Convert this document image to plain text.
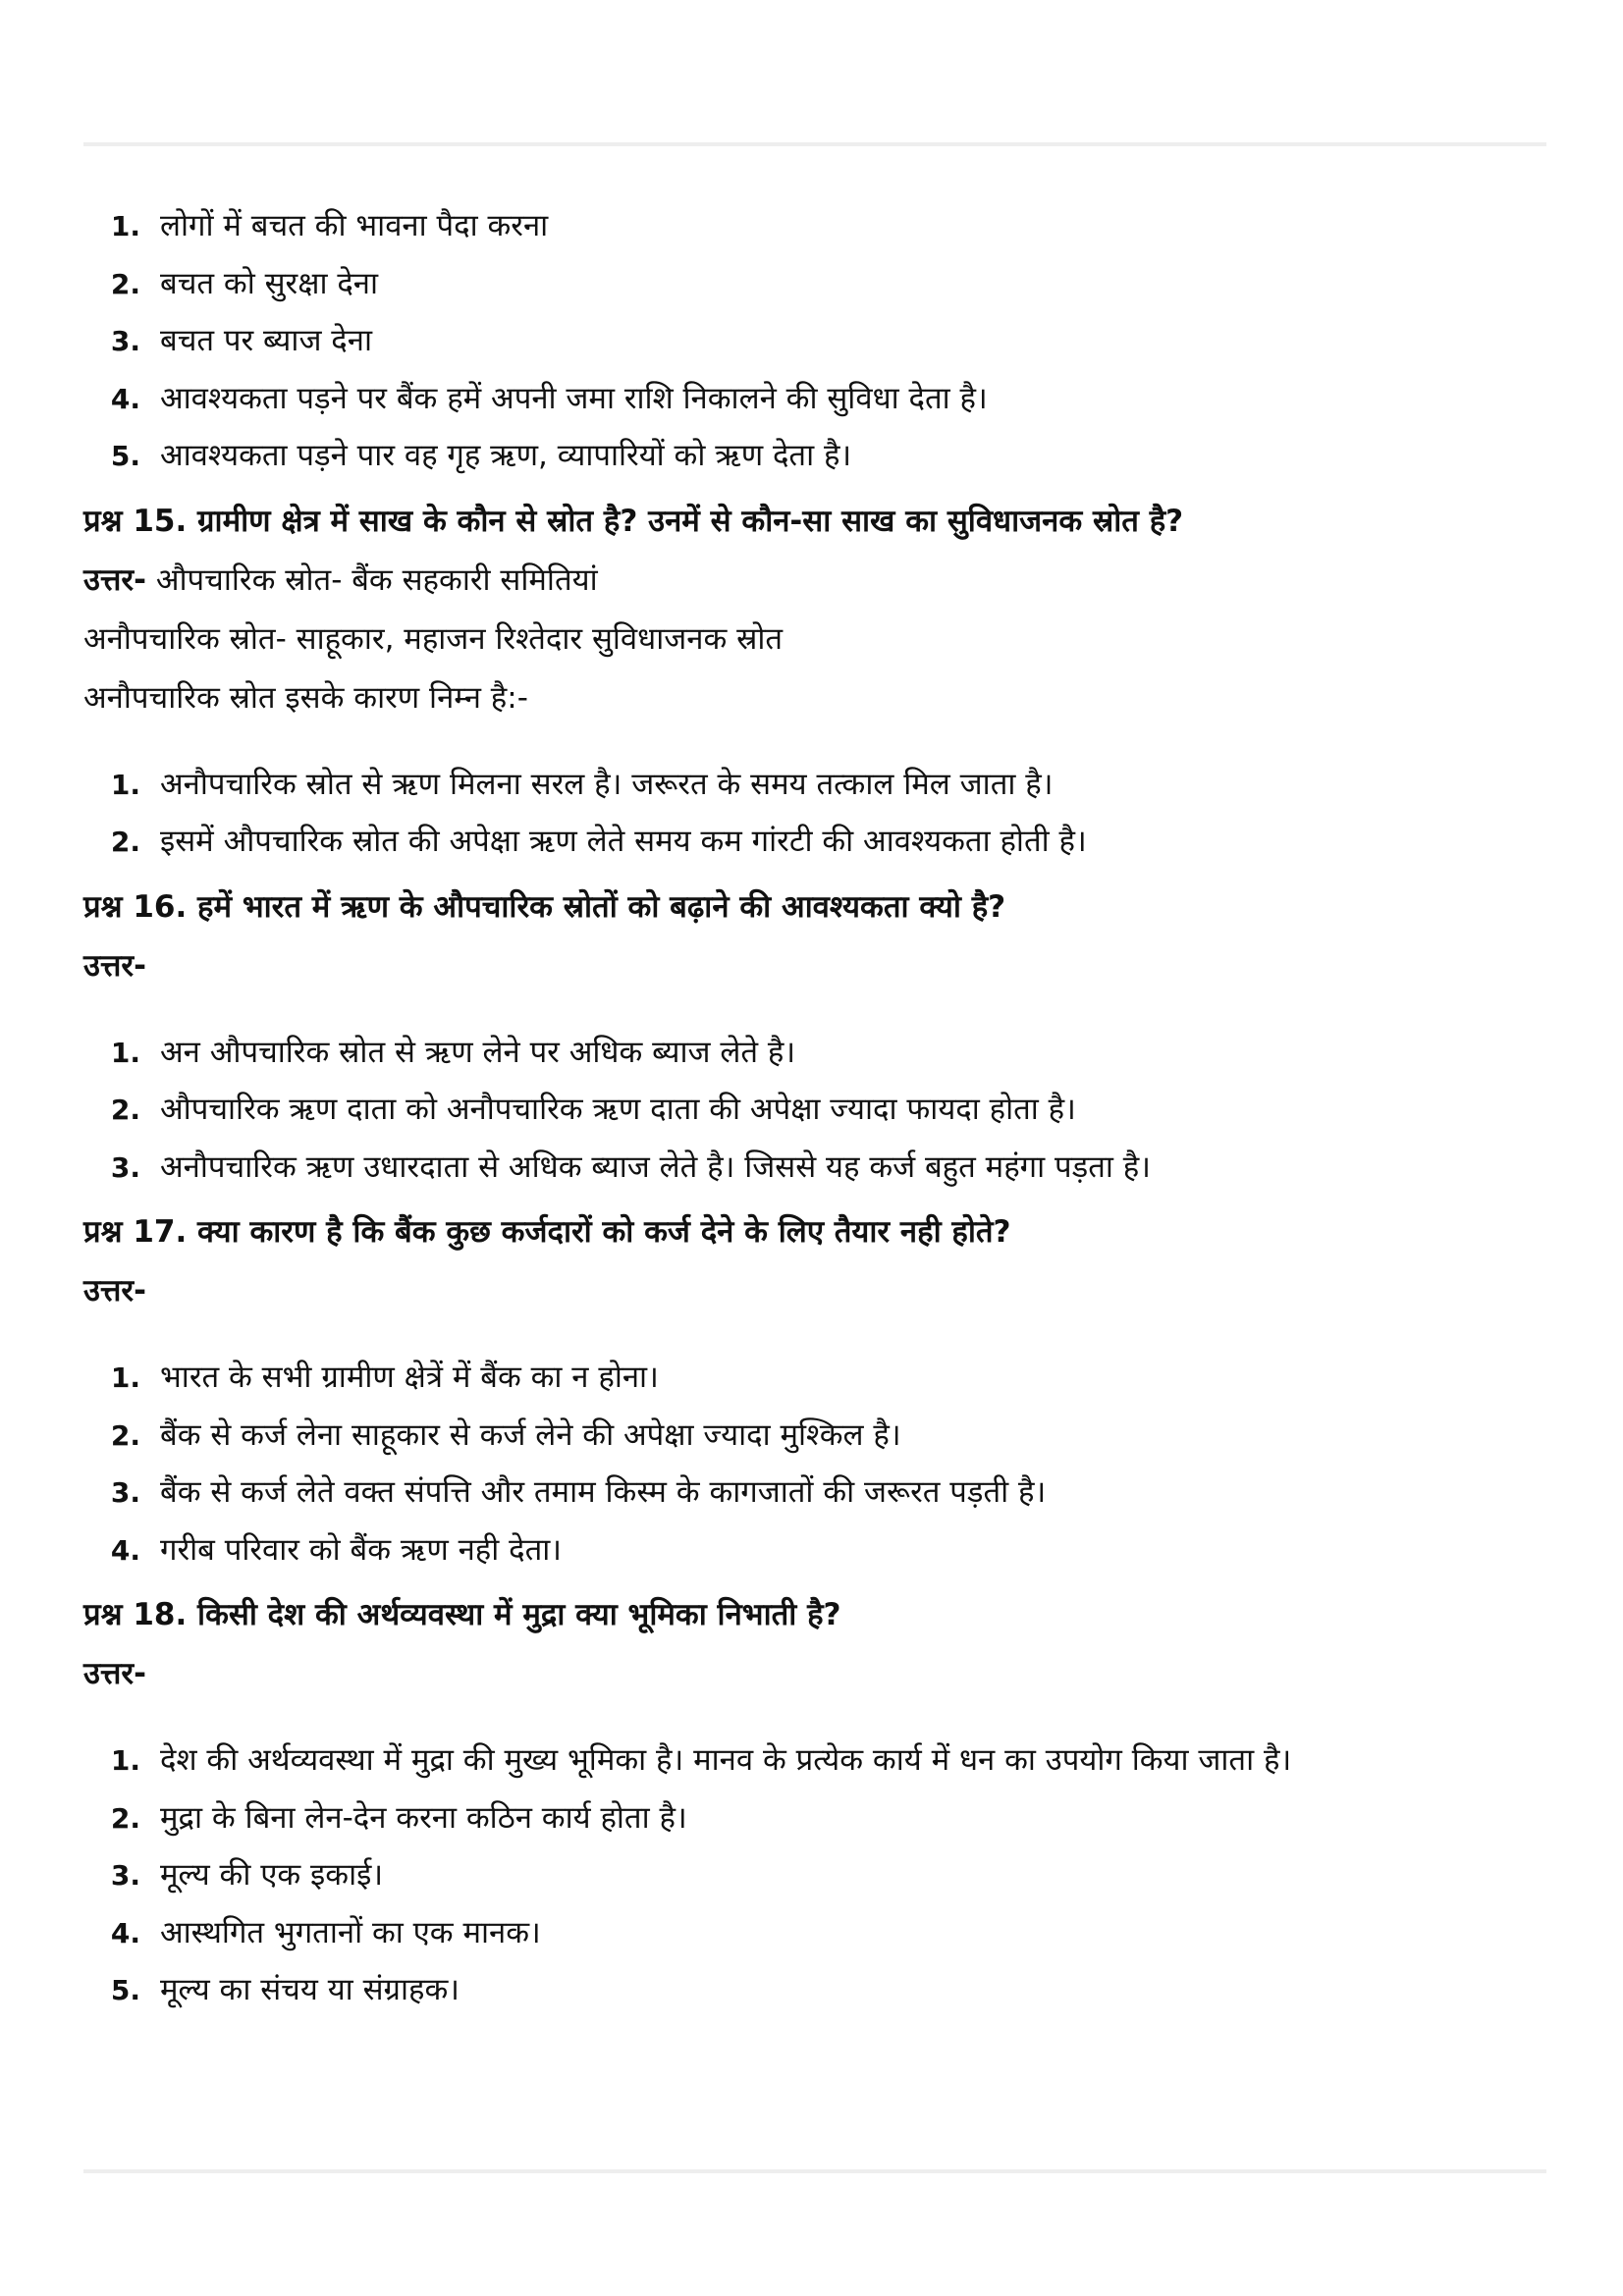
1. लोगों में बचत की भावना पैदा करना
2. बचत को सुरक्षा देना
3. बचत पर ब्याज देना
4. आवश्यकता पड़ने पर बैंक हमें अपनी जमा राशि निकालने की सुविधा देता है।
5. आवश्यकता पड़ने पार वह गृह ऋण, व्यापारियों को ऋण देता है।
प्रश्न 15. ग्रामीण क्षेत्र में साख के कौन से स्रोत है? उनमें से कौन-सा साख का सुविधाजनक स्रोत है?
उत्तर- औपचारिक स्रोत- बैंक सहकारी समितियां
अनौपचारिक स्रोत- साहूकार, महाजन रिश्तेदार सुविधाजनक स्रोत
अनौपचारिक स्रोत इसके कारण निम्न है:-
1. अनौपचारिक स्रोत से ऋण मिलना सरल है। जरूरत के समय तत्काल मिल जाता है।
2. इसमें औपचारिक स्रोत की अपेक्षा ऋण लेते समय कम गांरटी की आवश्यकता होती है।
प्रश्न 16. हमें भारत में ऋण के औपचारिक स्रोतों को बढ़ाने की आवश्यकता क्यो है?
उत्तर-
1. अन औपचारिक स्रोत से ऋण लेने पर अधिक ब्याज लेते है।
2. औपचारिक ऋण दाता को अनौपचारिक ऋण दाता की अपेक्षा ज्यादा फायदा होता है।
3. अनौपचारिक ऋण उधारदाता से अधिक ब्याज लेते है। जिससे यह कर्ज बहुत महंगा पड़ता है।
प्रश्न 17. क्या कारण है कि बैंक कुछ कर्जदारों को कर्ज देने के लिए तैयार नही होते?
उत्तर-
1. भारत के सभी ग्रामीण क्षेत्रें में बैंक का न होना।
2. बैंक से कर्ज लेना साहूकार से कर्ज लेने की अपेक्षा ज्यादा मुश्किल है।
3. बैंक से कर्ज लेते वक्त संपत्ति और तमाम किस्म के कागजातों की जरूरत पड़ती है।
4. गरीब परिवार को बैंक ऋण नही देता।
प्रश्न 18. किसी देश की अर्थव्यवस्था में मुद्रा क्या भूमिका निभाती है?
उत्तर-
1. देश की अर्थव्यवस्था में मुद्रा की मुख्य भूमिका है। मानव के प्रत्येक कार्य में धन का उपयोग किया जाता है।
2. मुद्रा के बिना लेन-देन करना कठिन कार्य होता है।
3. मूल्य की एक इकाई।
4. आस्थगित भुगतानों का एक मानक।
5. मूल्य का संचय या संग्राहक।
